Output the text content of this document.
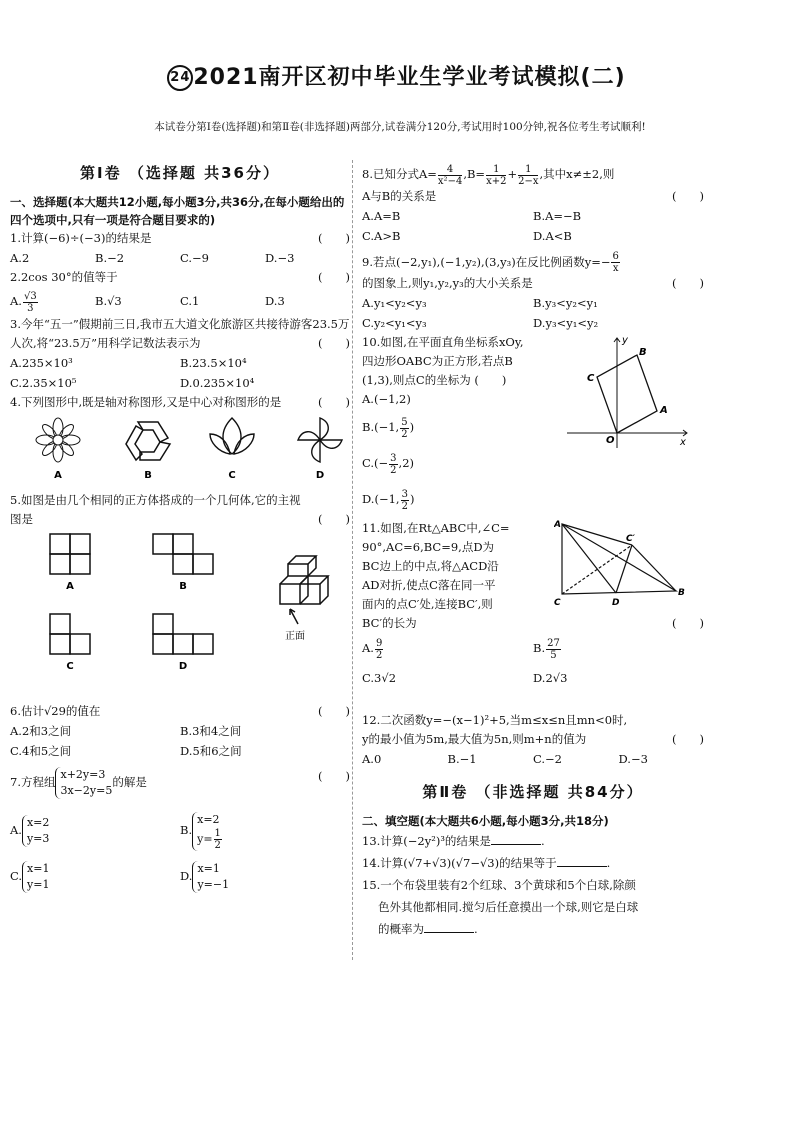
24 2021南开区初中毕业生学业考试模拟(二)
本试卷分第Ⅰ卷(选择题)和第Ⅱ卷(非选择题)两部分,试卷满分120分,考试用时100分钟,祝各位考生考试顺利!
第Ⅰ卷 （选择题 共36分）
一、选择题(本大题共12小题,每小题3分,共36分,在每小题给出的四个选项中,只有一项是符合题目要求的)
1.计算(−6)÷(−3)的结果是	(　　)
A.2	B.−2	C.−9	D.−3
2.2cos 30°的值等于	(　　)
A. $\frac{√3}{3}$	B.√3	C.1	D.3
3.今年“五一”假期前三日,我市五大道文化旅游区共接待游客23.5万人次,将“23.5万”用科学记数法表示为	(　　)
A.235×10³	B.23.5×10⁴
C.2.35×10⁵	D.0.235×10⁴
4.下列图形中,既是轴对称图形,又是中心对称图形的是	(　　)
A	B	C	D
5.如图是由几个相同的正方体搭成的一个几何体,它的主视图是	(　　)
A	B
C	D
正面
6.估计√29的值在	(　　)
A.2和3之间	B.3和4之间
C.4和5之间	D.5和6之间
7.方程组x+2y=3
3x−2y=5的解是	(　　)
A.x=2
y=3
B.x=2
$y= \frac{1}{2}$
C.x=1
y=1
D.x=1
y=−1
8.已知分式$A= \frac{4}{\text{x²−4}} ,B= \frac{1}{x+2} + \frac{1}{2-x}$ ,其中x≠±2,则
A与B的关系是	(　　)
A.A=B	B.A=−B
C.A>B	D.A<B
9.若点(−2,y₁),(−1,y₂),(3,y₃)在反比例函数$y=- \frac{6}{x}$
的图象上,则y₁,y₂,y₃的大小关系是	(　　)
A.y₁<y₂<y₃	B.y₃<y₂<y₁
C.y₂<y₁<y₃	D.y₃<y₁<y₂
10.如图,在平面直角坐标系xOy,
四边形OABC为正方形,若点B
(1,3),则点C的坐标为 (　　)
A.(−1,2)
B.(−1, $\frac{5}{2}$ )
$C.(- \frac{3}{2} ,2)$
D.(−1, $\frac{3}{2}$ )
y
x
O
A
B
C
11.如图,在Rt△ABC中,∠C=
90°,AC=6,BC=9,点D为
BC边上的中点,将△ACD沿
AD对折,使点C落在同一平
面内的点C′处,连接BC′,则
BC′的长为	(　　)
A. $\frac{9}{2}$	B. $\frac{27}{5}$
C.3√2	D.2√3
A
C
B
D
C′
12.二次函数y=−(x−1)²+5,当m≤x≤n且mn<0时,
y的最小值为5m,最大值为5n,则m+n的值为	(　　)
A.0	B.−1	C.−2	D.−3
第Ⅱ卷 （非选择题 共84分）
二、填空题(本大题共6小题,每小题3分,共18分)
13.计算(−2y²)³的结果是	.
14.计算(√7+√3)(√7−√3)的结果等于	.
15.一个布袋里装有2个红球、3个黄球和5个白球,除颜
色外其他都相同.搅匀后任意摸出一个球,则它是白球
的概率为	.
